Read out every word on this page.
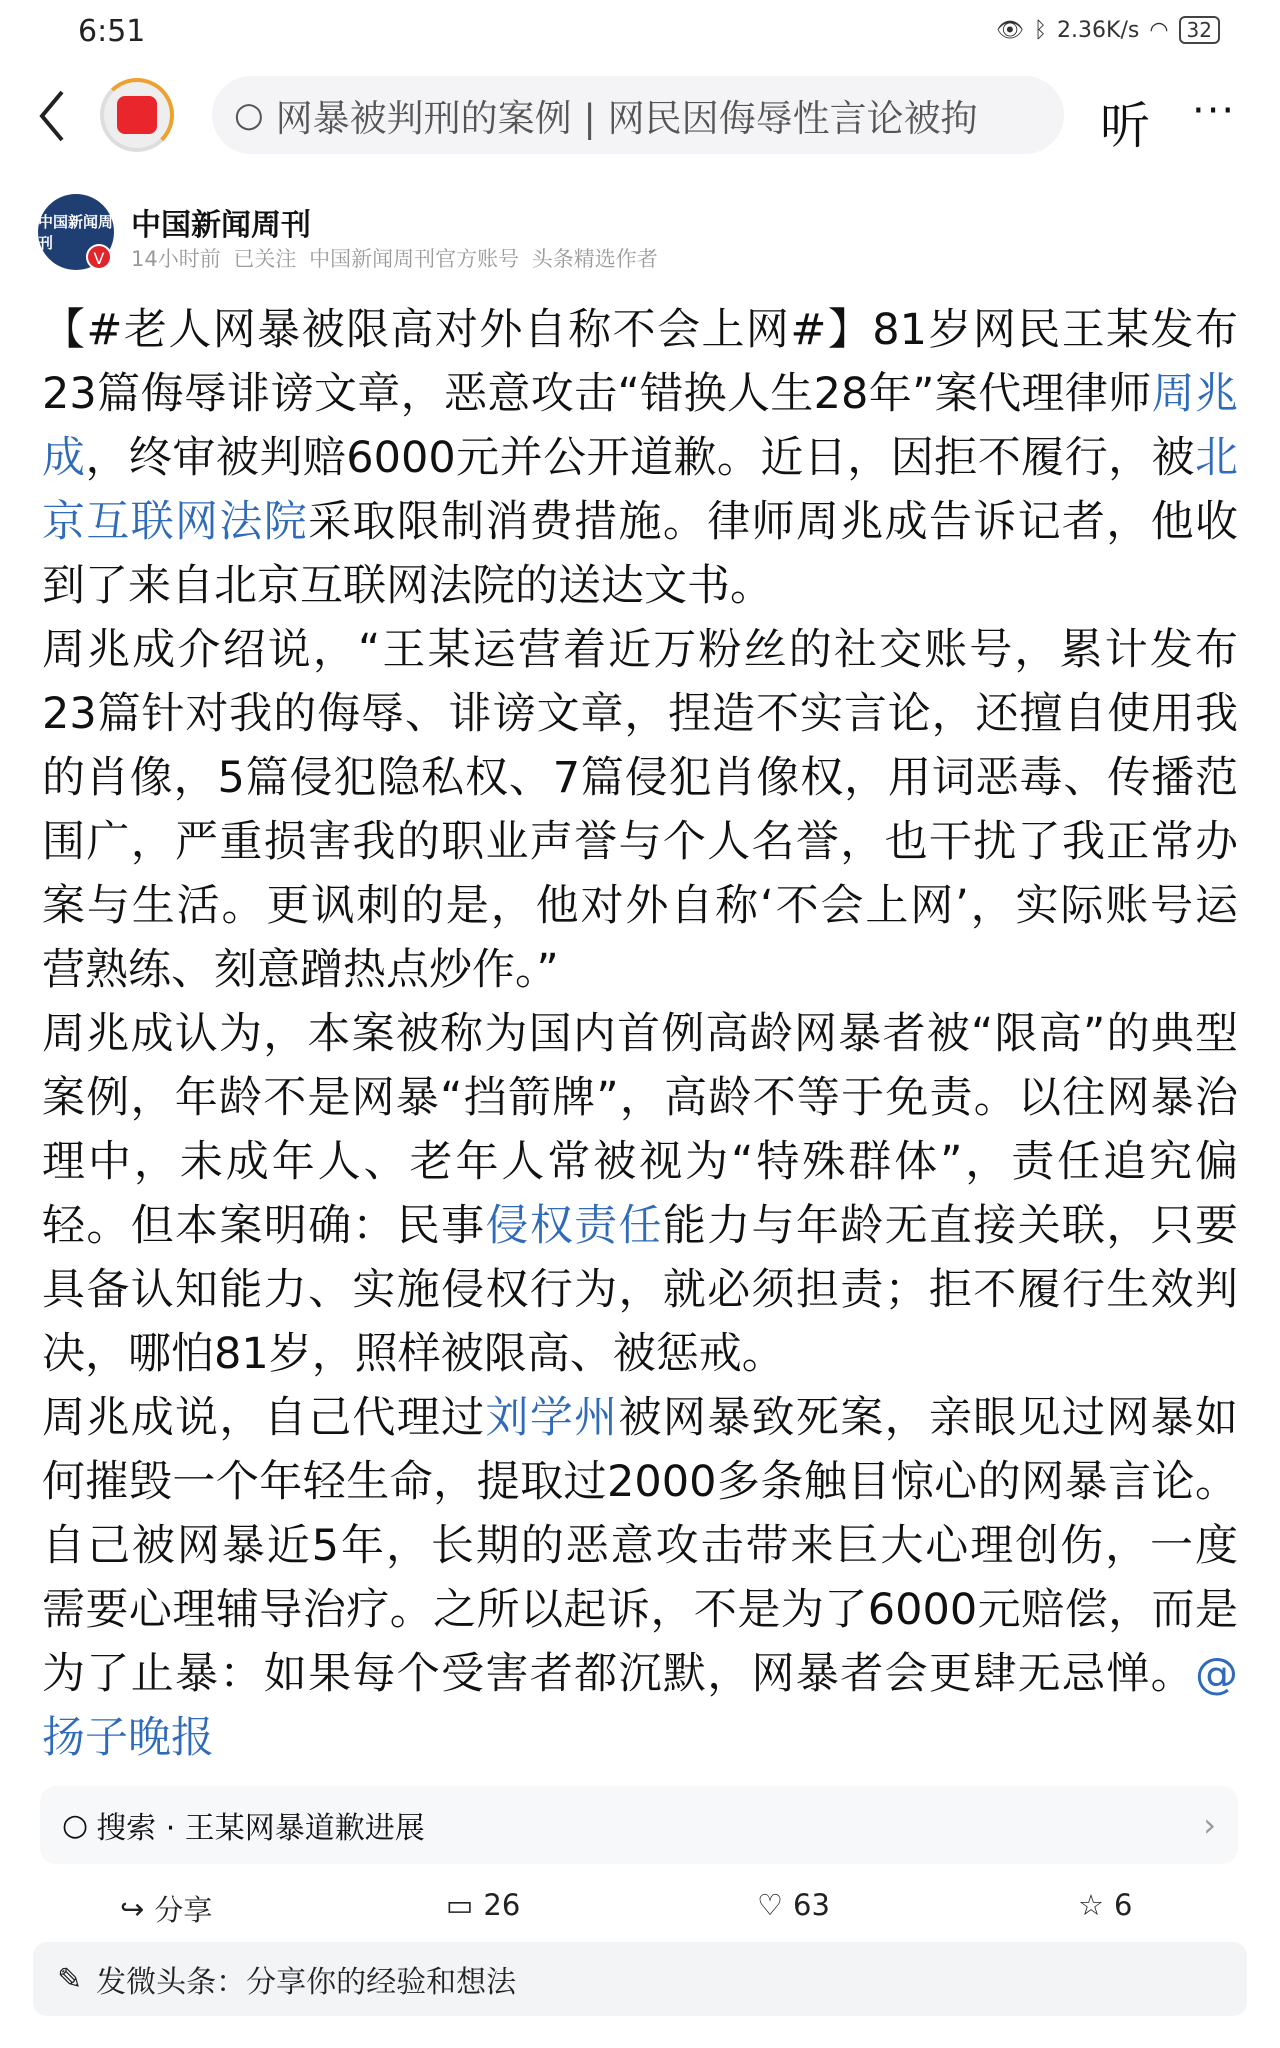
6:51	👁 ᛒ 2.36K/s ◠ 32
○ 网暴被判刑的案例 | 网民因侮辱性言论被拘 听 ···
中国新闻周刊
V
中国新闻周刊
14小时前 已关注 中国新闻周刊官方账号 头条精选作者
【#老人网暴被限高对外自称不会上网#】81岁网民王某发布
23篇侮辱诽谤文章，恶意攻击“错换人生28年”案代理律师周兆
成，终审被判赔6000元并公开道歉。近日，因拒不履行，被北
京互联网法院采取限制消费措施。律师周兆成告诉记者，他收
到了来自北京互联网法院的送达文书。
周兆成介绍说，“王某运营着近万粉丝的社交账号，累计发布
23篇针对我的侮辱、诽谤文章，捏造不实言论，还擅自使用我
的肖像，5篇侵犯隐私权、7篇侵犯肖像权，用词恶毒、传播范
围广，严重损害我的职业声誉与个人名誉，也干扰了我正常办
案与生活。更讽刺的是，他对外自称‘不会上网’，实际账号运
营熟练、刻意蹭热点炒作。”
周兆成认为，本案被称为国内首例高龄网暴者被“限高”的典型
案例，年龄不是网暴“挡箭牌”，高龄不等于免责。以往网暴治
理中，未成年人、老年人常被视为“特殊群体”，责任追究偏
轻。但本案明确：民事侵权责任能力与年龄无直接关联，只要
具备认知能力、实施侵权行为，就必须担责；拒不履行生效判
决，哪怕81岁，照样被限高、被惩戒。
周兆成说，自己代理过刘学州被网暴致死案，亲眼见过网暴如
何摧毁一个年轻生命，提取过2000多条触目惊心的网暴言论。
自己被网暴近5年，长期的恶意攻击带来巨大心理创伤，一度
需要心理辅导治疗。之所以起诉，不是为了6000元赔偿，而是
为了止暴：如果每个受害者都沉默，网暴者会更肆无忌惮。@
扬子晚报
○ 搜索 · 王某网暴道歉进展	›
↪ 分享	▭ 26	♡ 63	☆ 6
✎ 发微头条：分享你的经验和想法
